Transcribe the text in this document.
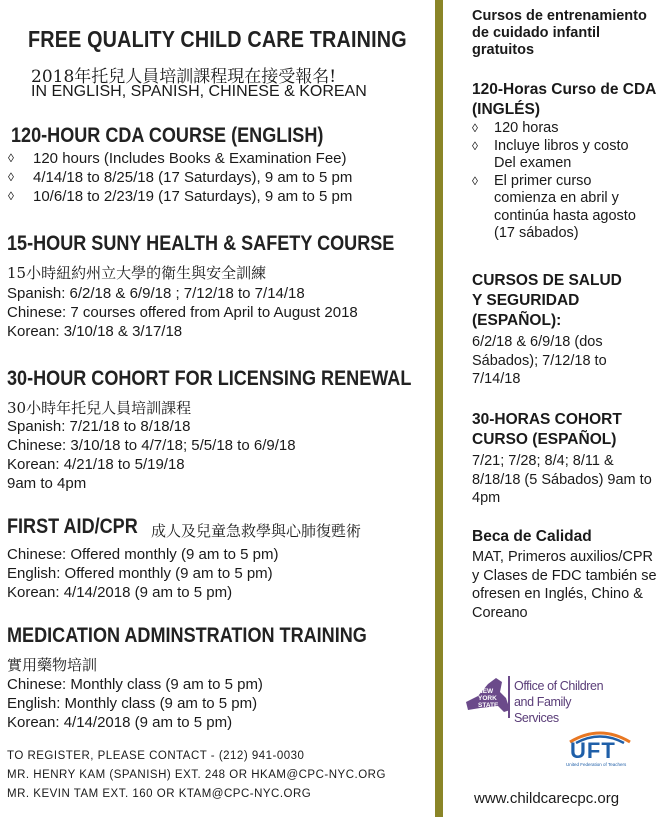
FREE QUALITY CHILD CARE TRAINING
2018年托兒人員培訓課程現在接受報名!
IN ENGLISH, SPANISH, CHINESE & KOREAN
120-HOUR CDA COURSE (ENGLISH)
◊ 120 hours (Includes Books & Examination Fee)
◊ 4/14/18 to 8/25/18 (17 Saturdays), 9 am to 5 pm
◊ 10/6/18 to 2/23/19 (17 Saturdays), 9 am to 5 pm
15-HOUR SUNY HEALTH & SAFETY COURSE
15小時紐約州立大學的衛生與安全訓練
Spanish: 6/2/18 & 6/9/18 ; 7/12/18 to 7/14/18
Chinese: 7 courses offered from April to August 2018
Korean: 3/10/18 & 3/17/18
30-HOUR COHORT FOR LICENSING RENEWAL
30小時年托兒人員培訓課程
Spanish: 7/21/18 to 8/18/18
Chinese: 3/10/18 to 4/7/18; 5/5/18 to 6/9/18
Korean: 4/21/18 to 5/19/18
9am to 4pm
FIRST AID/CPR 成人及兒童急救學與心肺復甦術
Chinese: Offered monthly (9 am to 5 pm)
English: Offered monthly (9 am to 5 pm)
Korean: 4/14/2018 (9 am to 5 pm)
MEDICATION ADMINSTRATION TRAINING
實用藥物培訓
Chinese: Monthly class (9 am to 5 pm)
English: Monthly class (9 am to 5 pm)
Korean: 4/14/2018 (9 am to 5 pm)
TO REGISTER, PLEASE CONTACT - (212) 941-0030
MR. HENRY KAM (SPANISH) EXT. 248 OR HKAM@CPC-NYC.ORG
MR. KEVIN TAM EXT. 160 OR KTAM@CPC-NYC.ORG
Cursos de entrenamiento de cuidado infantil gratuitos
120-Horas Curso de CDA (INGLÉS)
◊ 120 horas
◊ Incluye libros y costo Del examen
◊ El primer curso comienza en abril y continúa hasta agosto (17 sábados)
CURSOS DE SALUD Y SEGURIDAD (ESPAÑOL):
6/2/18 & 6/9/18 (dos Sábados); 7/12/18 to 7/14/18
30-HORAS COHORT CURSO (ESPAÑOL)
7/21; 7/28; 8/4; 8/11 & 8/18/18 (5 Sábados) 9am to 4pm
Beca de Calidad
MAT, Primeros auxilios/CPR y Clases de FDC también se ofresen en Inglés, Chino & Coreano
NEW YORK STATE
Office of Children and Family Services
UFT
United Federation of Teachers
www.childcarecpc.org
